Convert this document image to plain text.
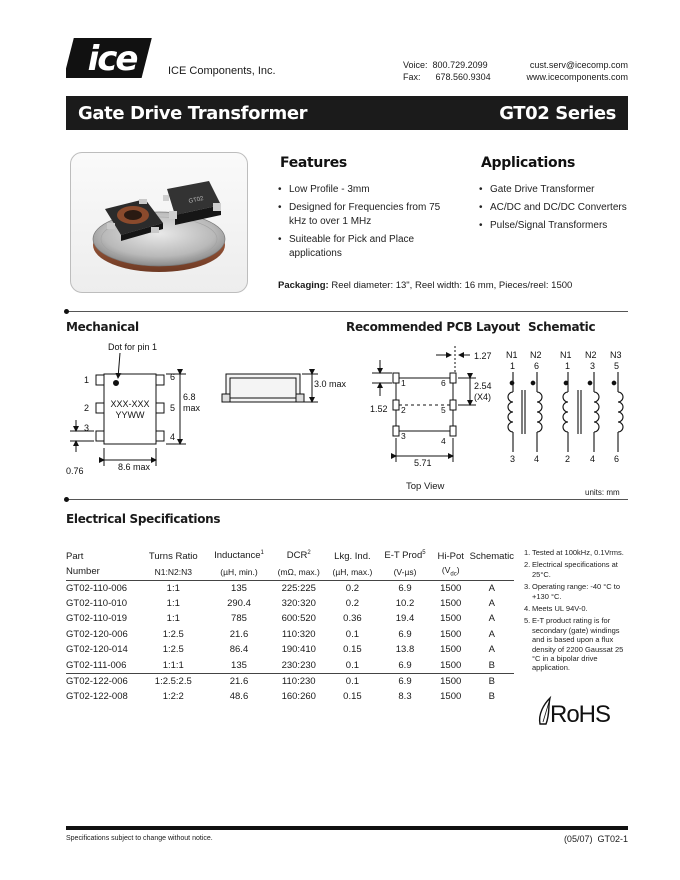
ice	ICE Components, Inc.	Voice: 800.729.2099
Fax: 678.560.9304
cust.serv@icecomp.com
www.icecomponents.com
Gate Drive Transformer	GT02 Series
GT02
Features
• Low Profile - 3mm
• Designed for Frequencies from 75 kHz to over 1 MHz
• Suiteable for Pick and Place applications
Applications
• Gate Drive Transformer
• AC/DC and DC/DC Converters
• Pulse/Signal Transformers
Packaging: Reel diameter: 13", Reel width: 16 mm, Pieces/reel: 1500
Mechanical	Recommended PCB Layout Schematic
Dot for pin 1
1
2
3
4
5
6
XXX-XXX
YYWW
6.8
max
8.6 max
0.76
3.0 max
1.27
1	6
2	5
3	4
2.54
(X4)
1.52
5.71
N1 N2
1 6
3 4
N1 N2 N3
1 3 5
2 4 6
Top View
units: mm
Electrical Specifications
Part	Turns Ratio	Inductance$^1$	DCR$^2$	Lkg. Ind.	E-T Prod$^5$	Hi-Pot	Schematic
Number	N1:N2:N3	(µH, min.)	(mΩ, max.)	(µH, max.)	(V-µs)	$(V_{dc})$	
GT02-110-006	1:1	135	225:225	0.2	6.9	1500	A
GT02-110-010	1:1	290.4	320:320	0.2	10.2	1500	A
GT02-110-019	1:1	785	600:520	0.36	19.4	1500	A
GT02-120-006	1:2.5	21.6	110:320	0.1	6.9	1500	A
GT02-120-014	1:2.5	86.4	190:410	0.15	13.8	1500	A
GT02-111-006	1:1:1	135	230:230	0.1	6.9	1500	B
GT02-122-006	1:2.5:2.5	21.6	110:230	0.1	6.9	1500	B
GT02-122-008	1:2:2	48.6	160:260	0.15	8.3	1500	B
1. Tested at 100kHz, 0.1Vrms.
2. Electrical specifications at 25°C.
3. Operating range: -40 °C to +130 °C.
4. Meets UL 94V-0.
5. E-T product rating is for secondary (gate) windings and is based upon a flux density of 2200 Gaussat 25 °C in a bipolar drive application.
RoHS
Specifications subject to change without notice.	(05/07) GT02-1
